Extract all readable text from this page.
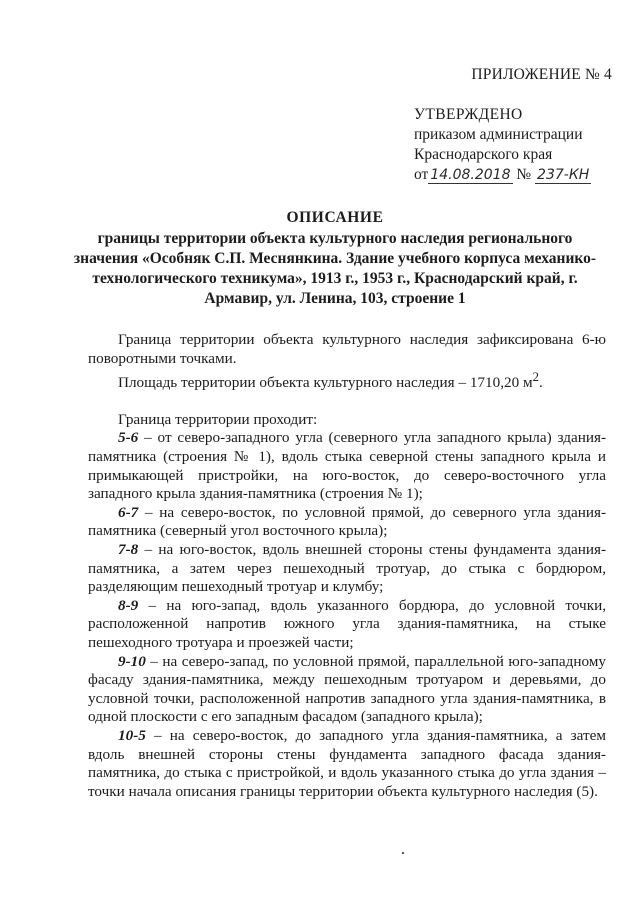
ПРИЛОЖЕНИЕ № 4
УТВЕРЖДЕНО
приказом администрации
Краснодарского края
от 14.08.2018 № 237-КН
ОПИСАНИЕ
границы территории объекта культурного наследия регионального значения «Особняк С.П. Меснянкина. Здание учебного корпуса механико-технологического техникума», 1913 г., 1953 г., Краснодарский край, г. Армавир, ул. Ленина, 103, строение 1

Граница территории объекта культурного наследия зафиксирована 6-ю поворотными точками.

Площадь территории объекта культурного наследия – 1710,20 $м^2$.

Граница территории проходит:

5-6 – от северо-западного угла (северного угла западного крыла) здания-памятника (строения № 1), вдоль стыка северной стены западного крыла и примыкающей пристройки, на юго-восток, до северо-восточного угла западного крыла здания-памятника (строения № 1);

6-7 – на северо-восток, по условной прямой, до северного угла здания-памятника (северный угол восточного крыла);

7-8 – на юго-восток, вдоль внешней стороны стены фундамента здания-памятника, а затем через пешеходный тротуар, до стыка с бордюром, разделяющим пешеходный тротуар и клумбу;

8-9 – на юго-запад, вдоль указанного бордюра, до условной точки, расположенной напротив южного угла здания-памятника, на стыке пешеходного тротуара и проезжей части;

9-10 – на северо-запад, по условной прямой, параллельной юго-западному фасаду здания-памятника, между пешеходным тротуаром и деревьями, до условной точки, расположенной напротив западного угла здания-памятника, в одной плоскости с его западным фасадом (западного крыла);

10-5 – на северо-восток, до западного угла здания-памятника, а затем вдоль внешней стороны стены фундамента западного фасада здания-памятника, до стыка с пристройкой, и вдоль указанного стыка до угла здания – точки начала описания границы территории объекта культурного наследия (5).
